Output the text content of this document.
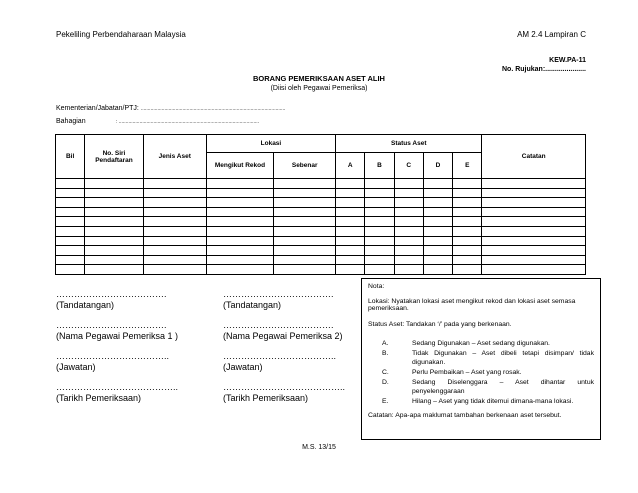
Pekeliling Perbendaharaan Malaysia	AM 2.4 Lampiran C
KEW.PA-11
No. Rujukan:.....................
BORANG PEMERIKSAAN ASET ALIH
(Diisi oleh Pegawai Pemeriksa)
Kementerian/Jabatan/PTJ: ........................................................................................................
Bahagian	: .....................................................................................................
Bil	No. Siri Pendaftaran	Jenis Aset	Lokasi		Status Aset					Catatan
			Mengikut Rekod	Sebenar	A	B	C	D	E	

……………………………….
(Tandatangan)
……………………………….
(Nama Pegawai Pemeriksa 1 )
………………………………..
(Jawatan)
…………………………………..
(Tarikh Pemeriksaan)
……………………………….
(Tandatangan)
……………………………….
(Nama Pegawai Pemeriksa 2)
………………………………..
(Jawatan)
…………………………………..
(Tarikh Pemeriksaan)

Nota:

Lokasi: Nyatakan lokasi aset mengikut rekod dan lokasi aset semasa pemeriksaan.

Status Aset: Tandakan ‘/’ pada yang berkenaan.

A.	Sedang Digunakan – Aset sedang digunakan.
B.	Tidak Digunakan – Aset dibeli tetapi disimpan/ tidak digunakan.
C.	Perlu Pembaikan – Aset yang rosak.
D.	Sedang Diselenggara – Aset dihantar untuk penyelenggaraan
E.	Hilang – Aset yang tidak ditemui dimana-mana lokasi.

Catatan: Apa-apa maklumat tambahan berkenaan aset tersebut.

M.S. 13/15
